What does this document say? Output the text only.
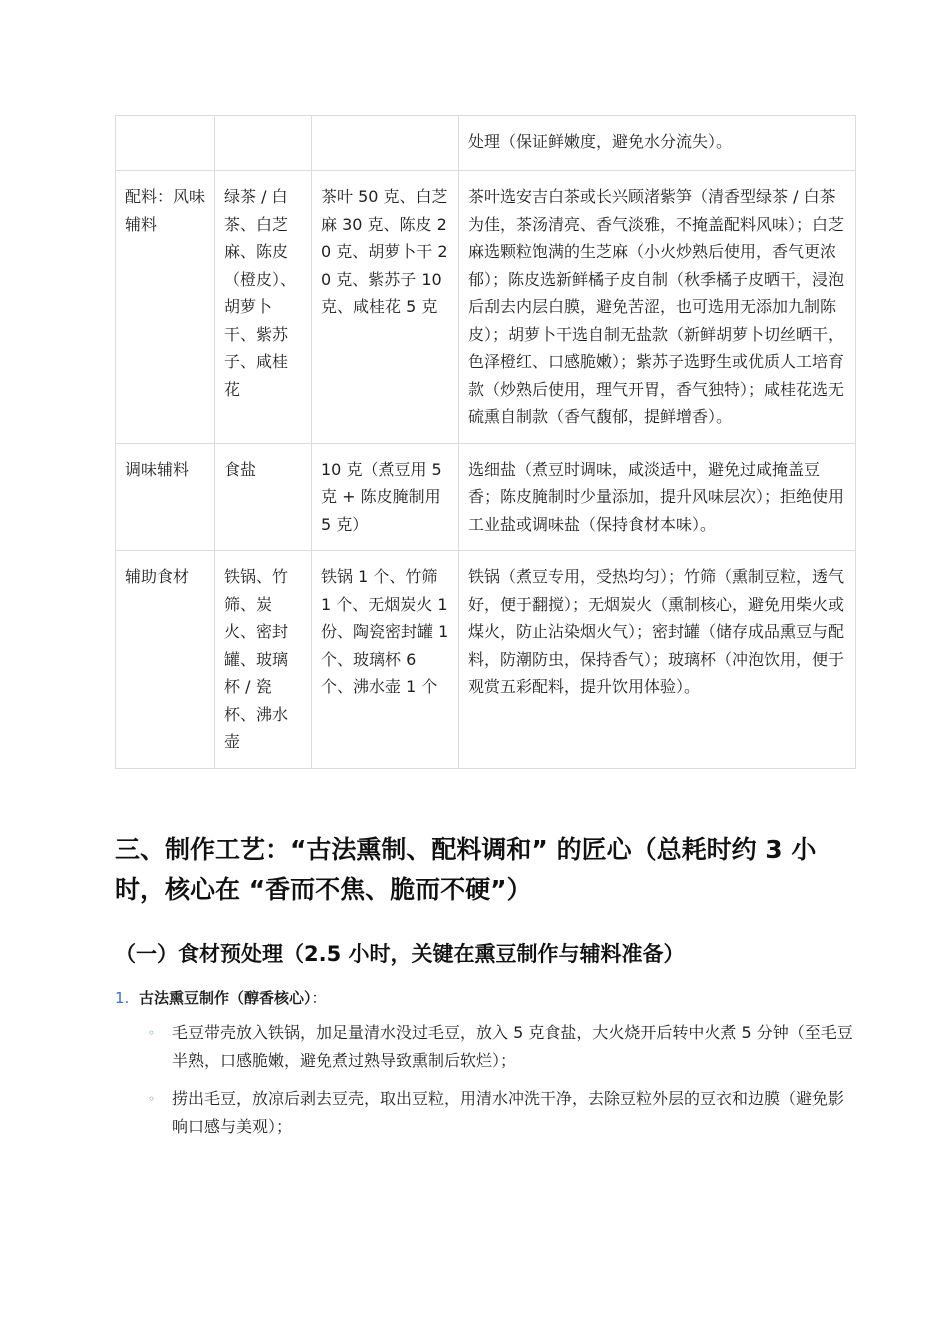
			处理（保证鲜嫩度，避免水分流失）。
配料：风味辅料	绿茶 / 白茶、白芝麻、陈皮（橙皮）、胡萝卜干、紫苏子、咸桂花	茶叶 50 克、白芝麻 30 克、陈皮 20 克、胡萝卜干 20 克、紫苏子 10 克、咸桂花 5 克	茶叶选安吉白茶或长兴顾渚紫笋（清香型绿茶 / 白茶为佳，茶汤清亮、香气淡雅，不掩盖配料风味）；白芝麻选颗粒饱满的生芝麻（小火炒熟后使用，香气更浓郁）；陈皮选新鲜橘子皮自制（秋季橘子皮晒干，浸泡后刮去内层白膜，避免苦涩，也可选用无添加九制陈皮）；胡萝卜干选自制无盐款（新鲜胡萝卜切丝晒干，色泽橙红、口感脆嫩）；紫苏子选野生或优质人工培育款（炒熟后使用，理气开胃，香气独特）；咸桂花选无硫熏自制款（香气馥郁，提鲜增香）。
调味辅料	食盐	10 克（煮豆用 5 克 + 陈皮腌制用 5 克）	选细盐（煮豆时调味，咸淡适中，避免过咸掩盖豆香；陈皮腌制时少量添加，提升风味层次）；拒绝使用工业盐或调味盐（保持食材本味）。
辅助食材	铁锅、竹筛、炭火、密封罐、玻璃杯 / 瓷杯、沸水壶	铁锅 1 个、竹筛 1 个、无烟炭火 1 份、陶瓷密封罐 1 个、玻璃杯 6 个、沸水壶 1 个	铁锅（煮豆专用，受热均匀）；竹筛（熏制豆粒，透气好，便于翻搅）；无烟炭火（熏制核心，避免用柴火或煤火，防止沾染烟火气）；密封罐（储存成品熏豆与配料，防潮防虫，保持香气）；玻璃杯（冲泡饮用，便于观赏五彩配料，提升饮用体验）。
三、制作工艺：“古法熏制、配料调和” 的匠心（总耗时约 3 小时，核心在 “香而不焦、脆而不硬”）
（一）食材预处理（2.5 小时，关键在熏豆制作与辅料准备）
1. 古法熏豆制作（醇香核心）：
◦ 毛豆带壳放入铁锅，加足量清水没过毛豆，放入 5 克食盐，大火烧开后转中火煮 5 分钟（至毛豆半熟，口感脆嫩，避免煮过熟导致熏制后软烂）；
◦ 捞出毛豆，放凉后剥去豆壳，取出豆粒，用清水冲洗干净，去除豆粒外层的豆衣和边膜（避免影响口感与美观）；
